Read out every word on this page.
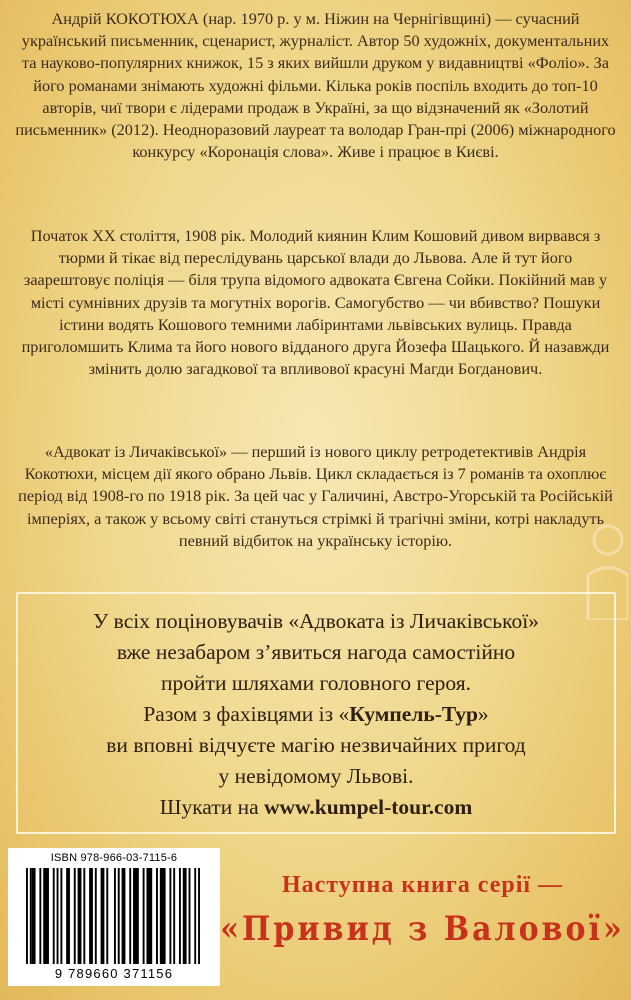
Андрій КОКОТЮХА (нар. 1970 р. у м. Ніжин на Чернігівщині) — сучасний український письменник, сценарист, журналіст. Автор 50 художніх, документальних та науково-популярних книжок, 15 з яких вийшли друком у видавництві «Фоліо». За його романами знімають художні фільми. Кілька років поспіль входить до топ-10 авторів, чиї твори є лідерами продаж в Україні, за що відзначений як «Золотий письменник» (2012). Неодноразовий лауреат та володар Гран-прі (2006) міжнародного конкурсу «Коронація слова». Живе і працює в Києві.
Початок ХХ століття, 1908 рік. Молодий киянин Клим Кошовий дивом вирвався з тюрми й тікає від переслідувань царської влади до Львова. Але й тут його заарештовує поліція — біля трупа відомого адвоката Євгена Сойки. Покійний мав у місті сумнівних друзів та могутніх ворогів. Самогубство — чи вбивство? Пошуки істини водять Кошового темними лабіринтами львівських вулиць. Правда приголомшить Клима та його нового відданого друга Йозефа Шацького. Й назавжди змінить долю загадкової та впливової красуні Магди Богданович.
«Адвокат із Личаківської» — перший із нового циклу ретродетективів Андрія Кокотюхи, місцем дії якого обрано Львів. Цикл складається із 7 романів та охоплює період від 1908-го по 1918 рік. За цей час у Галичині, Австро-Угорській та Російській імперіях, а також у всьому світі стануться стрімкі й трагічні зміни, котрі накладуть певний відбиток на українську історію.
У всіх поціновувачів «Адвоката із Личаківської»
вже незабаром з’явиться нагода самостійно
пройти шляхами головного героя.
Разом з фахівцями із «Кумпель-Тур»
ви вповні відчуєте магію незвичайних пригод
у невідомому Львові.
Шукати на www.kumpel-tour.com
ISBN 978-966-03-7115-6
9 789660 371156
Наступна книга серії —
«Привид з Валової»
